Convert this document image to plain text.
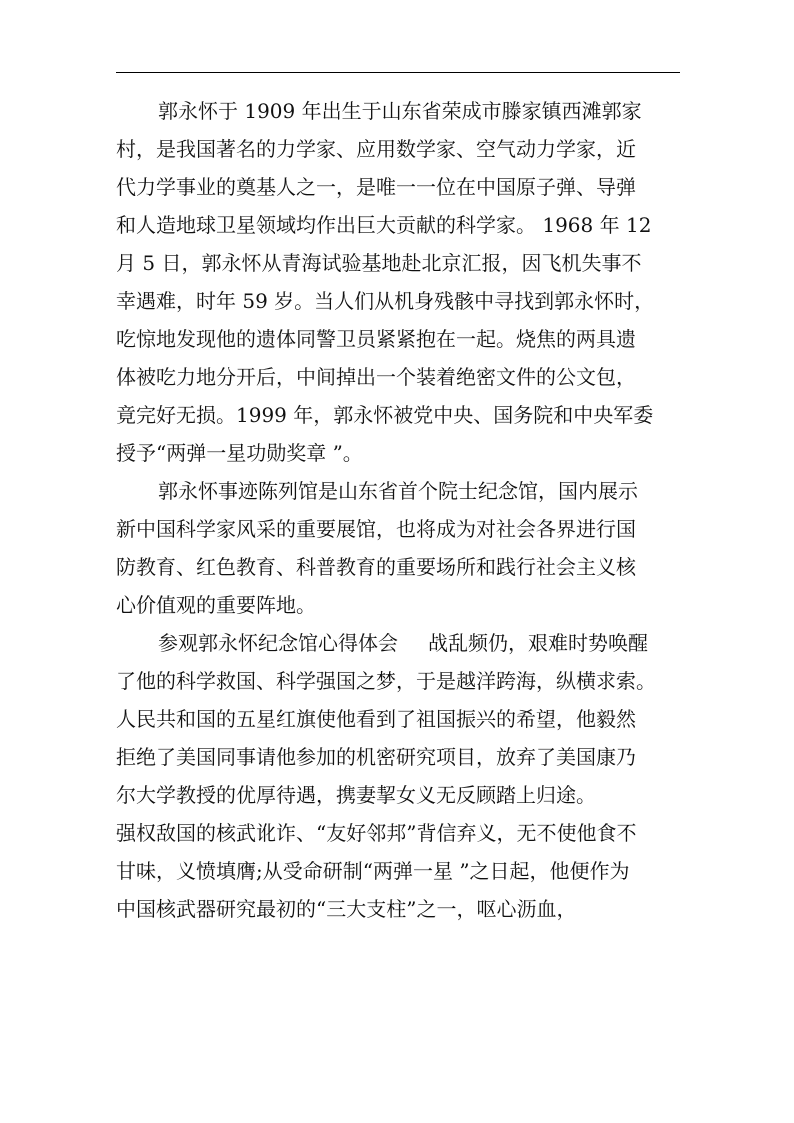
郭永怀于 1909 年出生于山东省荣成市滕家镇西滩郭家
村，是我国著名的力学家、应用数学家、空气动力学家，近
代力学事业的奠基人之一，是唯一一位在中国原子弹、导弹
和人造地球卫星领域均作出巨大贡献的科学家。 1968 年 12
月 5 日，郭永怀从青海试验基地赴北京汇报，因飞机失事不
幸遇难，时年 59 岁。当人们从机身残骸中寻找到郭永怀时，
吃惊地发现他的遗体同警卫员紧紧抱在一起。烧焦的两具遗
体被吃力地分开后，中间掉出一个装着绝密文件的公文包，
竟完好无损。1999 年，郭永怀被党中央、国务院和中央军委
授予“两弹一星功勋奖章 ”。
郭永怀事迹陈列馆是山东省首个院士纪念馆，国内展示
新中国科学家风采的重要展馆，也将成为对社会各界进行国
防教育、红色教育、科普教育的重要场所和践行社会主义核
心价值观的重要阵地。
参观郭永怀纪念馆心得体会 战乱频仍，艰难时势唤醒
了他的科学救国、科学强国之梦，于是越洋跨海，纵横求索。
人民共和国的五星红旗使他看到了祖国振兴的希望，他毅然
拒绝了美国同事请他参加的机密研究项目，放弃了美国康乃
尔大学教授的优厚待遇，携妻挈女义无反顾踏上归途。
强权敌国的核武讹诈、“友好邻邦”背信弃义，无不使他食不
甘味，义愤填膺;从受命研制“两弹一星 ”之日起，他便作为
中国核武器研究最初的“三大支柱”之一，呕心沥血，
